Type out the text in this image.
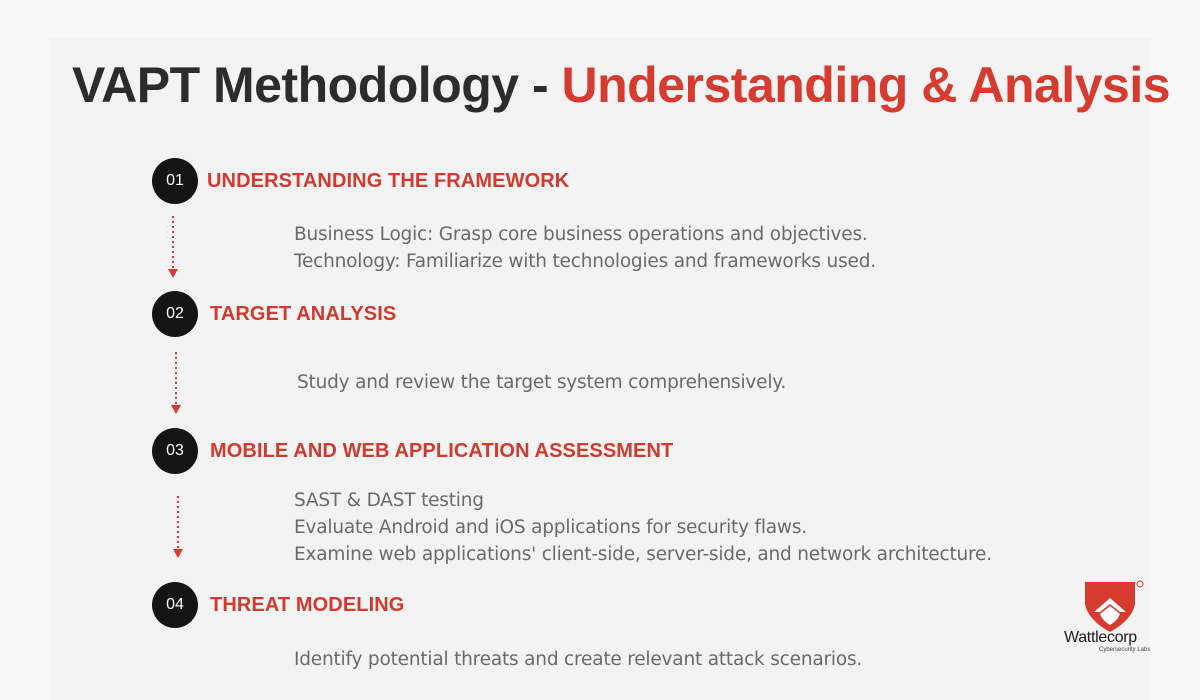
VAPT Methodology - Understanding & Analysis
01	UNDERSTANDING THE FRAMEWORK
Business Logic: Grasp core business operations and objectives.
Technology: Familiarize with technologies and frameworks used.
02	TARGET ANALYSIS
Study and review the target system comprehensively.
03	MOBILE AND WEB APPLICATION ASSESSMENT
SAST & DAST testing
Evaluate Android and iOS applications for security flaws.
Examine web applications' client-side, server-side, and network architecture.
04	THREAT MODELING
Identify potential threats and create relevant attack scenarios.
Wattlecorp
Cybersecurity Labs
